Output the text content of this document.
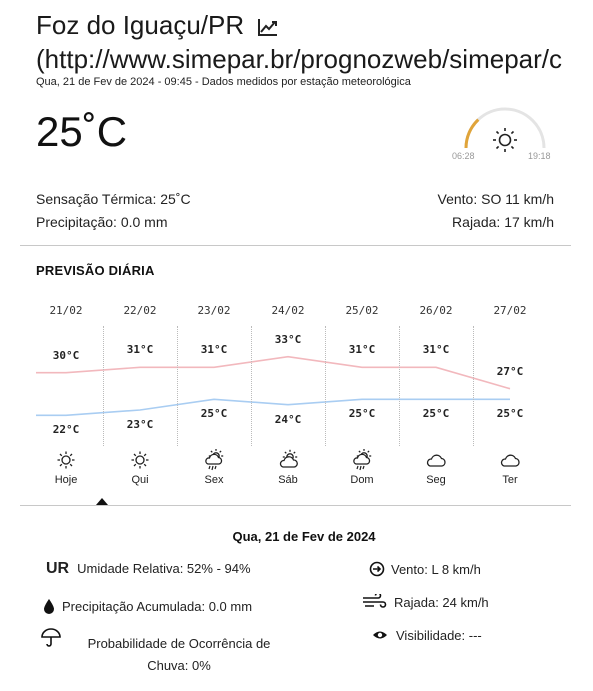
Foz do Iguaçu/PR
(http://www.simepar.br/prognozweb/simepar/c
Qua, 21 de Fev de 2024 - 09:45 - Dados medidos por estação meteorológica
25˚C
06:28	19:18
Sensação Térmica: 25˚C
Precipitação: 0.0 mm
Vento: SO 11 km/h
Rajada: 17 km/h
PREVISÃO DIÁRIA
21/02
30°C
22°C
Hoje
22/02
31°C
23°C
Qui
23/02
31°C
25°C
Sex
24/02
33°C
24°C
Sáb
25/02
31°C
25°C
Dom
26/02
31°C
25°C
Seg
27/02
27°C
25°C
Ter
Qua, 21 de Fev de 2024
UR Umidade Relativa: 52% - 94%
Precipitação Acumulada: 0.0 mm
Probabilidade de Ocorrência de
Chuva: 0%
Vento: L 8 km/h
Rajada: 24 km/h
Visibilidade: ---
